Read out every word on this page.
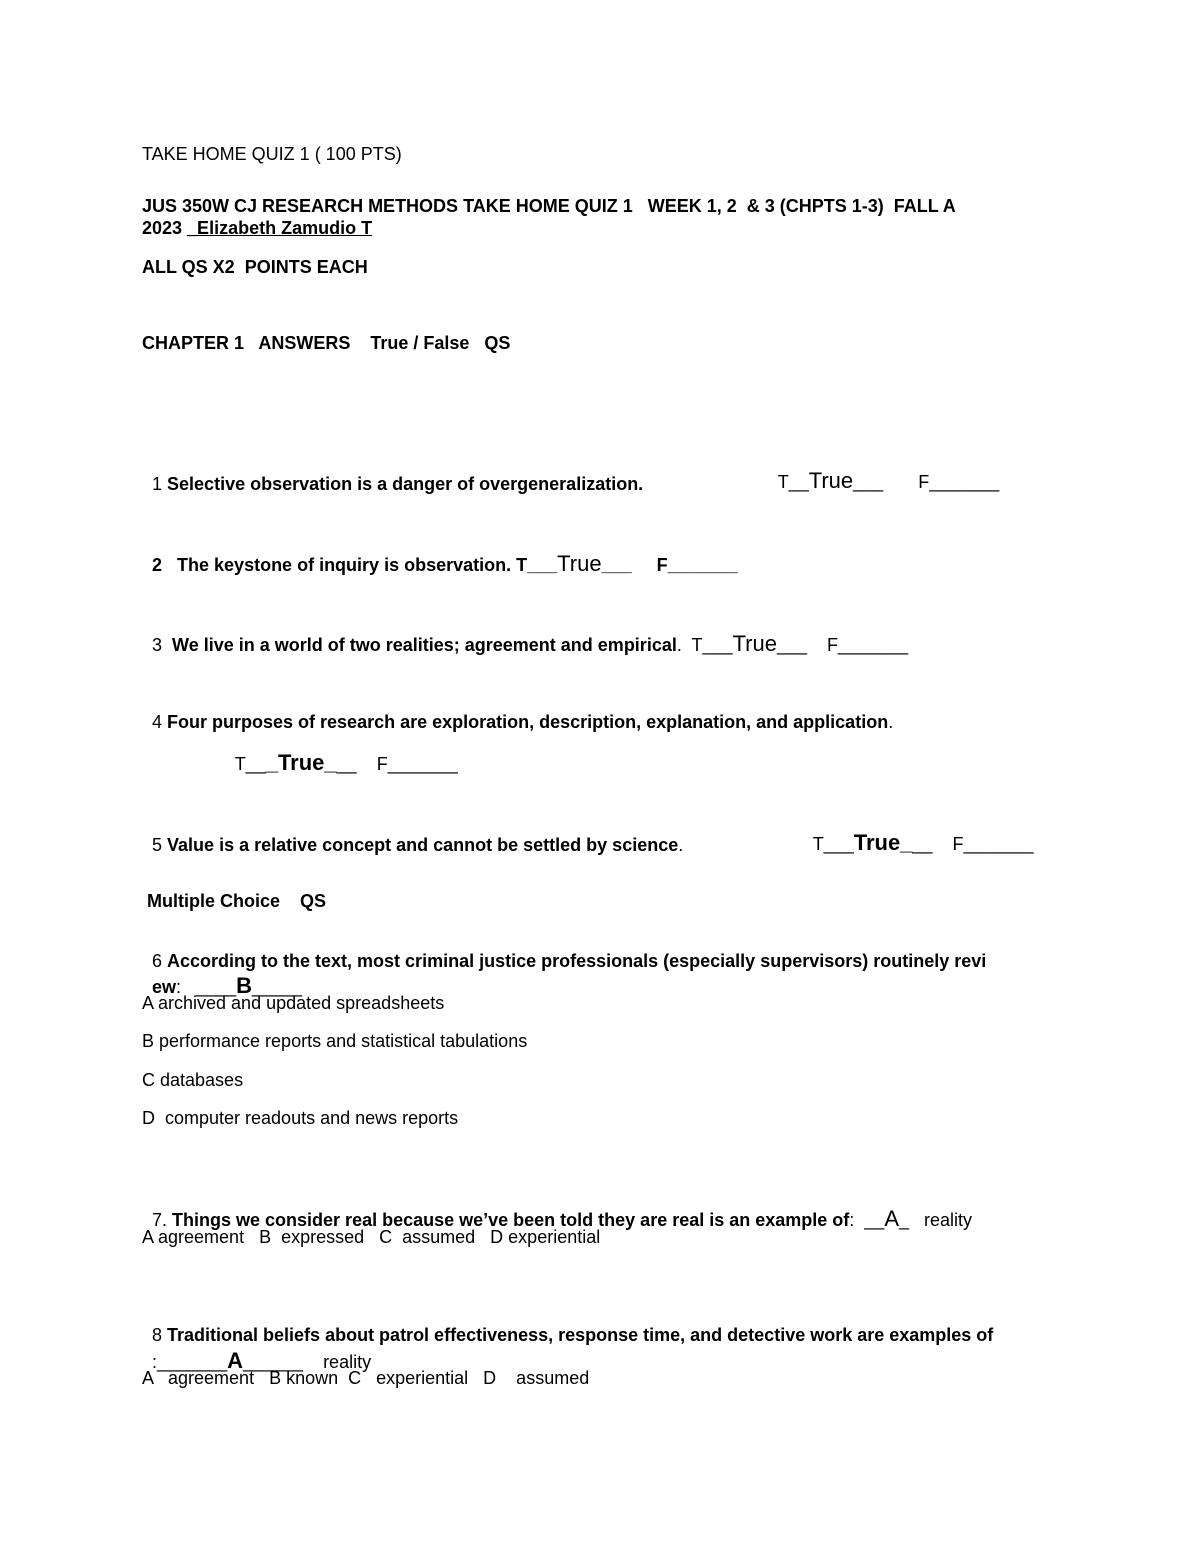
TAKE HOME QUIZ 1 ( 100 PTS)
JUS 350W CJ RESEARCH METHODS TAKE HOME QUIZ 1   WEEK 1, 2  & 3 (CHPTS 1-3)  FALL A
2023 _Elizabeth Zamudio T
ALL QS X2  POINTS EACH
CHAPTER 1   ANSWERS    True / False   QS

1 Selective observation is a danger of overgeneralization.	T__True___ F_______

2   The keystone of inquiry is observation. T___True___ F_______

3  We live in a world of two realities; agreement and empirical.  T___True___ F_______

4 Four purposes of research are exploration, description, explanation, and application.

T___True___ F_______

5 Value is a relative concept and cannot be settled by science.	T___True___ F_______

Multiple Choice    QS

6 According to the text, most criminal justice professionals (especially supervisors) routinely revi

ew:   ____B_____

A archived and updated spreadsheets
B performance reports and statistical tabulations
C databases
D  computer readouts and news reports

7. Things we consider real because we’ve been told they are real is an example of:  __A_   reality

A agreement   B  expressed   C  assumed   D experiential

8 Traditional beliefs about patrol effectiveness, response time, and detective work are examples of

:_______A______    reality

A   agreement   B known  C   experiential   D    assumed
